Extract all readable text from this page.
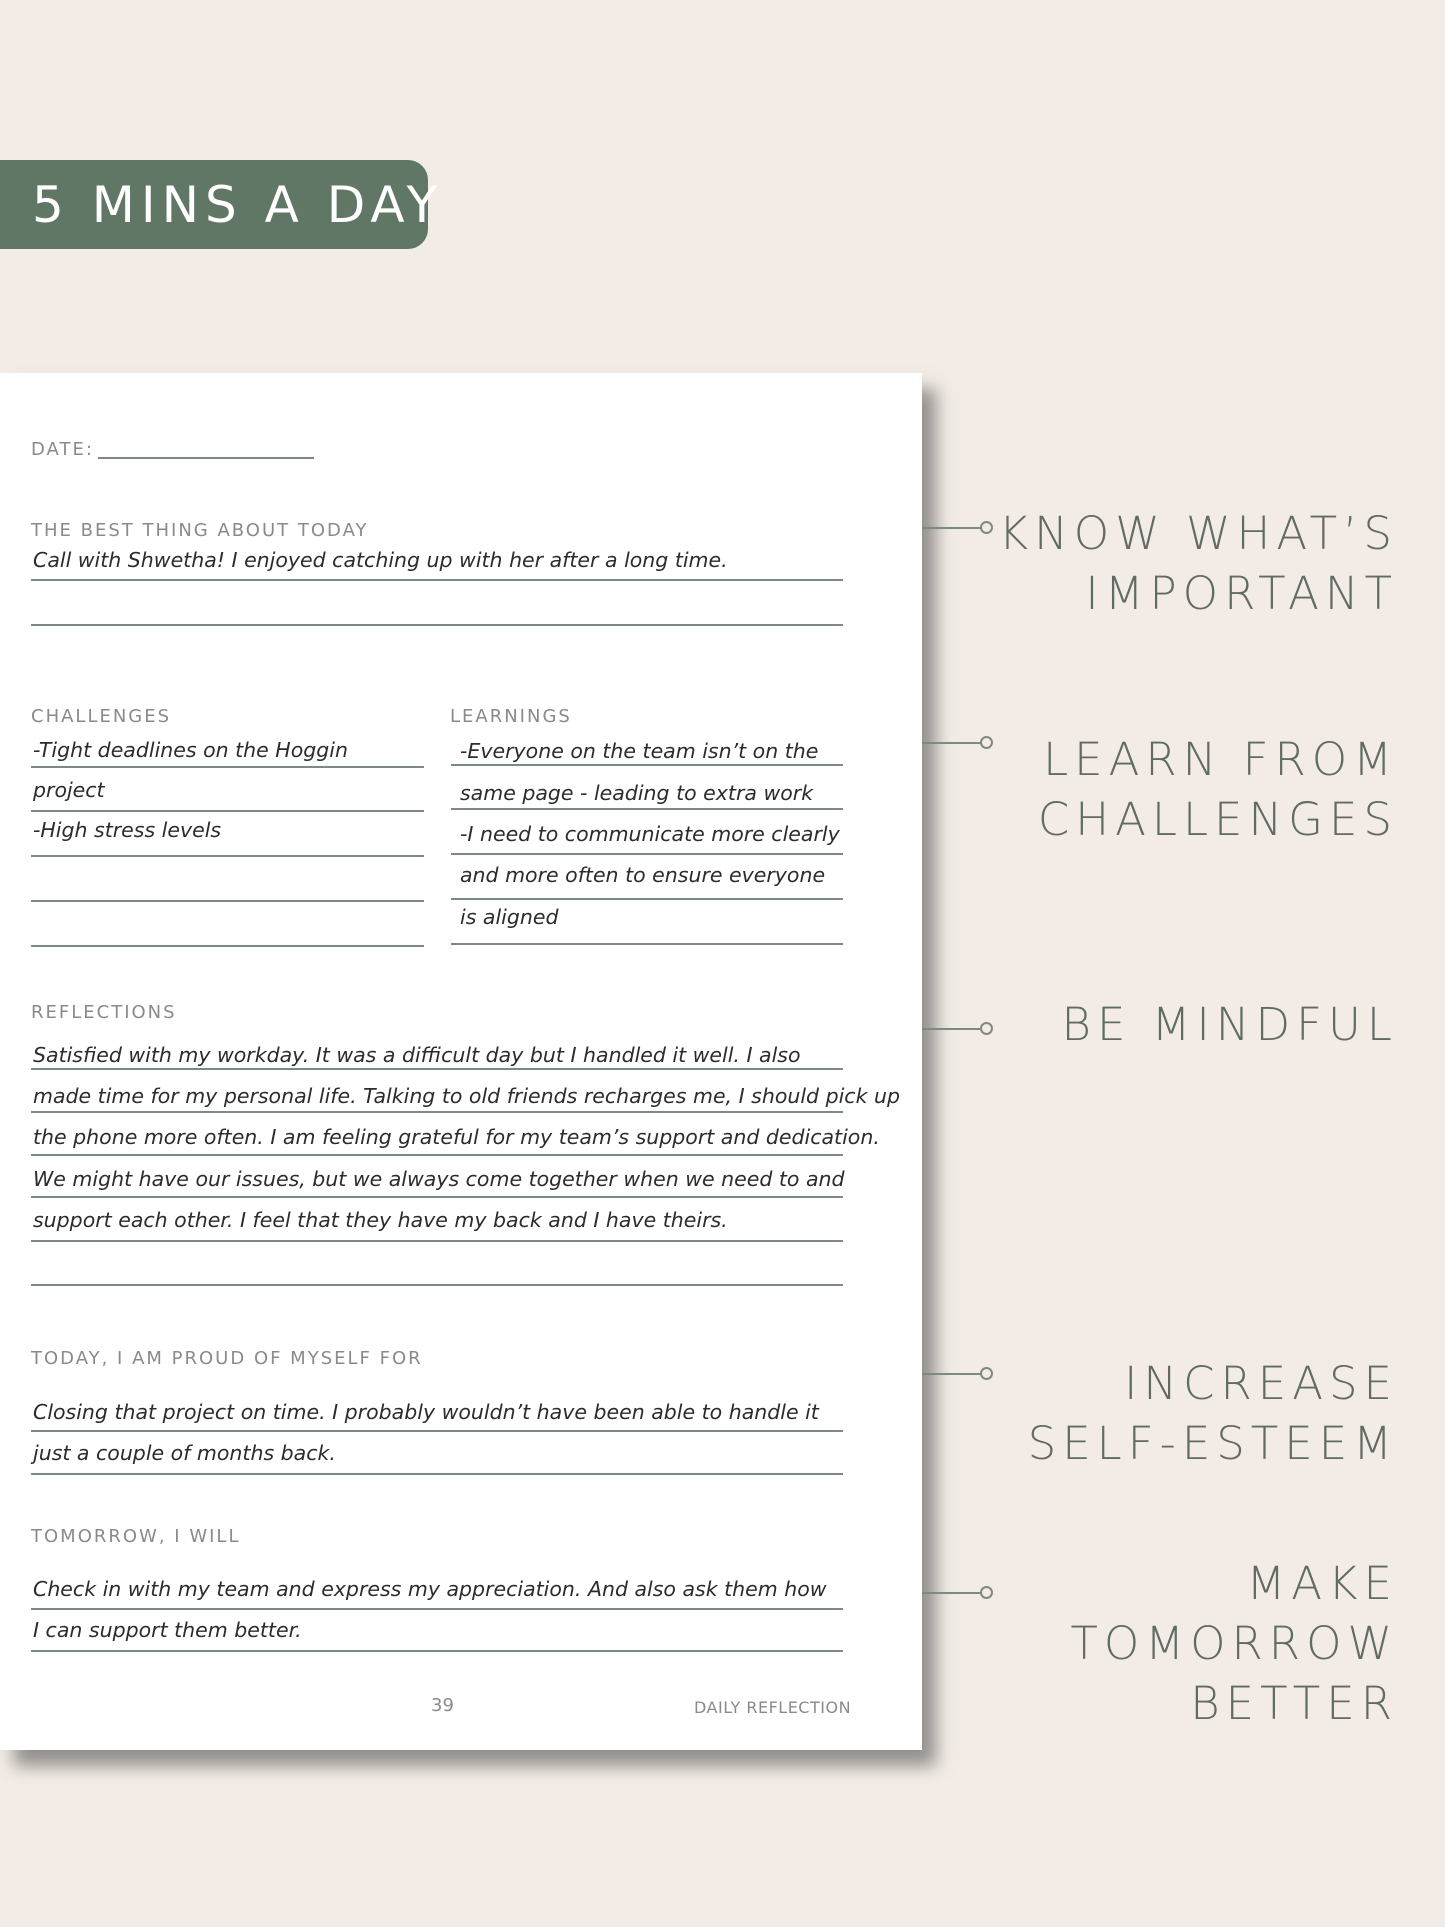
5 MINS A DAY
DATE:
THE BEST THING ABOUT TODAY
Call with Shwetha! I enjoyed catching up with her after a long time.
CHALLENGES
-Tight deadlines on the Hoggin
project
-High stress levels
LEARNINGS
-Everyone on the team isn’t on the
same page - leading to extra work
-I need to communicate more clearly
and more often to ensure everyone
is aligned
REFLECTIONS
Satisfied with my workday. It was a difficult day but I handled it well. I also
made time for my personal life. Talking to old friends recharges me, I should pick up
the phone more often. I am feeling grateful for my team’s support and dedication.
We might have our issues, but we always come together when we need to and
support each other. I feel that they have my back and I have theirs.
TODAY, I AM PROUD OF MYSELF FOR
Closing that project on time. I probably wouldn’t have been able to handle it
just a couple of months back.
TOMORROW, I WILL
Check in with my team and express my appreciation. And also ask them how
I can support them better.
39	DAILY REFLECTION
KNOW WHAT’S
IMPORTANT
LEARN FROM
CHALLENGES
BE MINDFUL
INCREASE
SELF-ESTEEM
MAKE
TOMORROW
BETTER
